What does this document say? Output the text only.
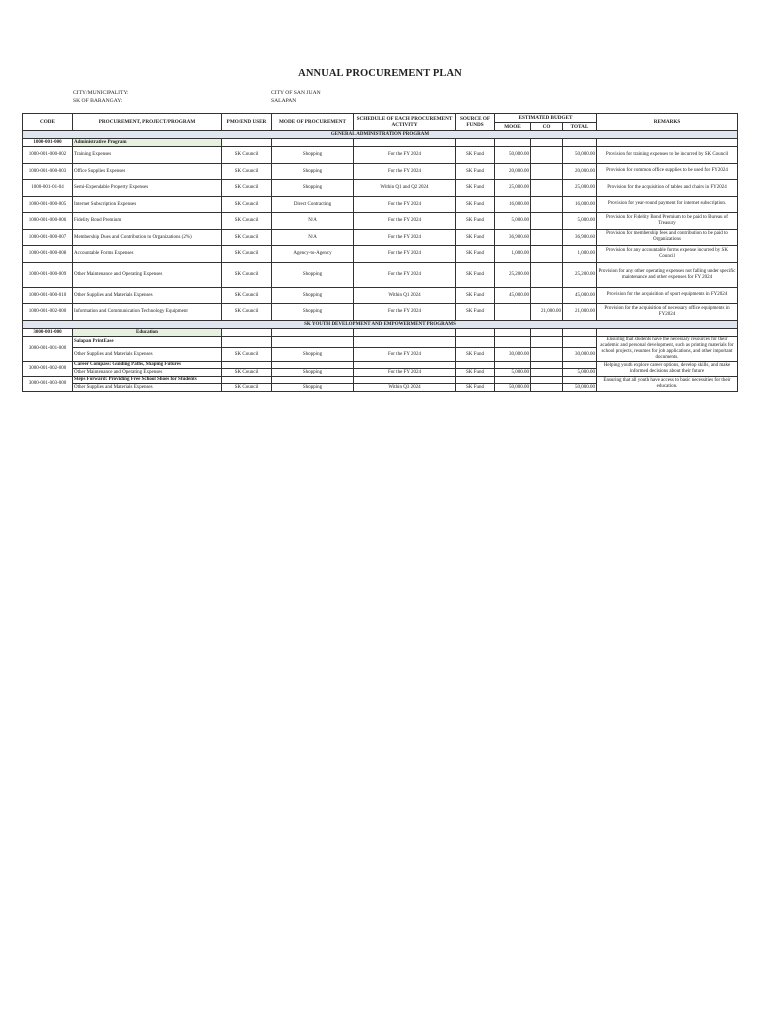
ANNUAL PROCUREMENT PLAN
CITY/MUNICIPALITY:
SK OF BARANGAY:
CITY OF SAN JUAN
SALAPAN
CODE	PROCUREMENT, PROJECT/PROGRAM	PMO/END USER	MODE OF PROCUREMENT	SCHEDULE OF EACH PROCUREMENT ACTIVITY	SOURCE OF FUNDS	ESTIMATED BUDGET			REMARKS
						MOOE	CO	TOTAL	
GENERAL ADMINISTRATION PROGRAM									
1000-001-000	Administrative Program								
1000-001-000-002	Training Expenses	SK Council	Shopping	For the FY 2024	SK Fund	50,000.00		50,000.00	Provision for training expenses to be incurred by SK Council
1000-001-000-003	Office Supplies Expenses	SK Council	Shopping	For the FY 2024	SK Fund	20,000.00		20,000.00	Provision for common office supplies to be used for FY2024
1000-001-01-04	Semi-Expendable Property Expenses	SK Council	Shopping	Within Q1 and Q2 2024	SK Fund	25,000.00		25,000.00	Provision for the acquisition of tables and chairs in FY2024
1000-001-000-005	Internet Subscription Expenses	SK Council	Direct Contracting	For the FY 2024	SK Fund	16,000.00		16,000.00	Provision for year-round payment for internet subscription.
1000-001-000-006	Fidelity Bond Premium	SK Council	N/A	For the FY 2024	SK Fund	5,000.00		5,000.00	Provision for Fidelity Bond Premium to be paid to Bureau of Treasury
1000-001-000-007	Membership Dues and Contribution to Organizations (2%)	SK Council	N/A	For the FY 2024	SK Fund	36,900.60		36,900.60	Provision for membership fees and contribution to be paid to Organizations
1000-001-000-008	Accountable Forms Expenses	SK Council	Agency-to-Agency	For the FY 2024	SK Fund	1,000.00		1,000.00	Provision for any accountable forms expense incurred by SK Council
1000-001-000-009	Other Maintenance and Operating Expenses	SK Council	Shopping	For the FY 2024	SK Fund	25,200.00		25,200.00	Provision for any other operating expenses not falling under specific maintenance and other expenses for FY 2024
1000-001-000-010	Other Supplies and Materials Expenses	SK Council	Shopping	Within Q1 2024	SK Fund	45,000.00		45,000.00	Provision for the acquisition of sport equipments in FY2024
1000-001-002-000	Information and Communication Technology Equipment	SK Council	Shopping	For the FY 2024	SK Fund		21,000.00	21,000.00	Provision for the acquisition of necessary office equipments in FY2024
SK YOUTH DEVELOPMENT AND EMPOWERMENT PROGRAMS									
3000-001-000	Education								
3000-001-001-000	Salapan PrintEase								Ensuring that students have the necessary resources for their academic and personal development, such as printing materials for school projects, resumes for job applications, and other important documents.
	Other Supplies and Materials Expenses	SK Council	Shopping	For the FY 2024	SK Fund	30,000.00		30,000.00	
3000-001-002-000	Career Compass: Guiding Paths, Shaping Futures								Helping youth explore career options, develop skills, and make informed decisions about their future
	Other Maintenance and Operating Expenses	SK Council	Shopping	For the FY 2024	SK Fund	5,000.00		5,000.00	
3000-001-003-000	Steps Forward: Providing Free School Shoes for Students								Ensuring that all youth have access to basic necessities for their education.
	Other Supplies and Materials Expenses	SK Council	Shopping	Within Q3 2024	SK Fund	50,000.00		50,000.00	
